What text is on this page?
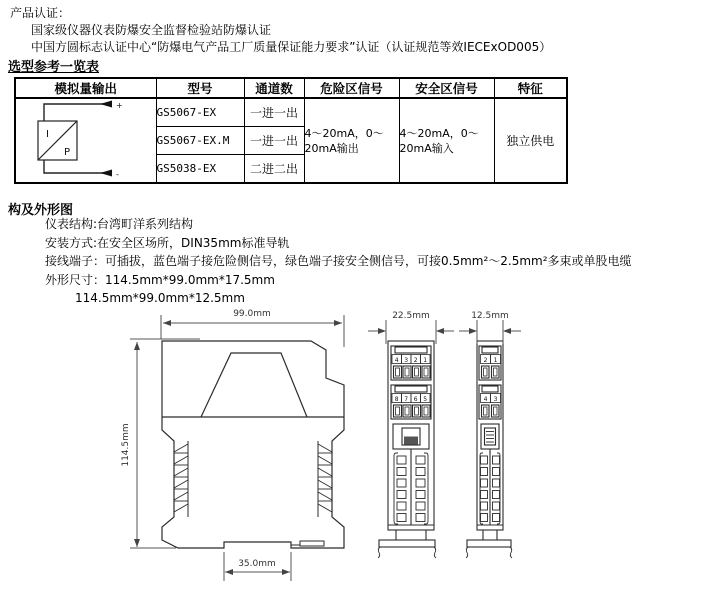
产品认证：
国家级仪器仪表防爆安全监督检验站防爆认证
中国方圆标志认证中心“防爆电气产品工厂质量保证能力要求”认证（认证规范等效IECExOD005）
选型参考一览表
模拟量输出	型号	通道数	危险区信号	安全区信号	特征

I
P
+
-	GS5067-EX	一进一出	4～20mA，0～20mA输出	4～20mA，0～20mA输入	独立供电
	GS5067-EX.M	一进一出			
	GS5038-EX	二进二出			
构及外形图
仪表结构:台湾町洋系列结构
安装方式:在安全区场所，DIN35mm标准导轨
接线端子：可插拔，蓝色端子接危险侧信号，绿色端子接安全侧信号，可接0.5mm²～2.5mm²多束或单股电缆
外形尺寸：114.5mm*99.0mm*17.5mm
114.5mm*99.0mm*12.5mm
99.0mm
114.5mm
35.0mm
22.5mm
4 3 2 1
8 7 6 5
12.5mm
2 1
4 3
